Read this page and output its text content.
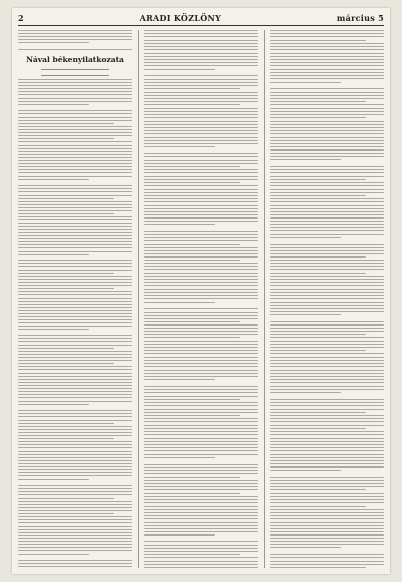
2	ARADI KÖZLÖNY	március 5
Nával békenyilatkozata
